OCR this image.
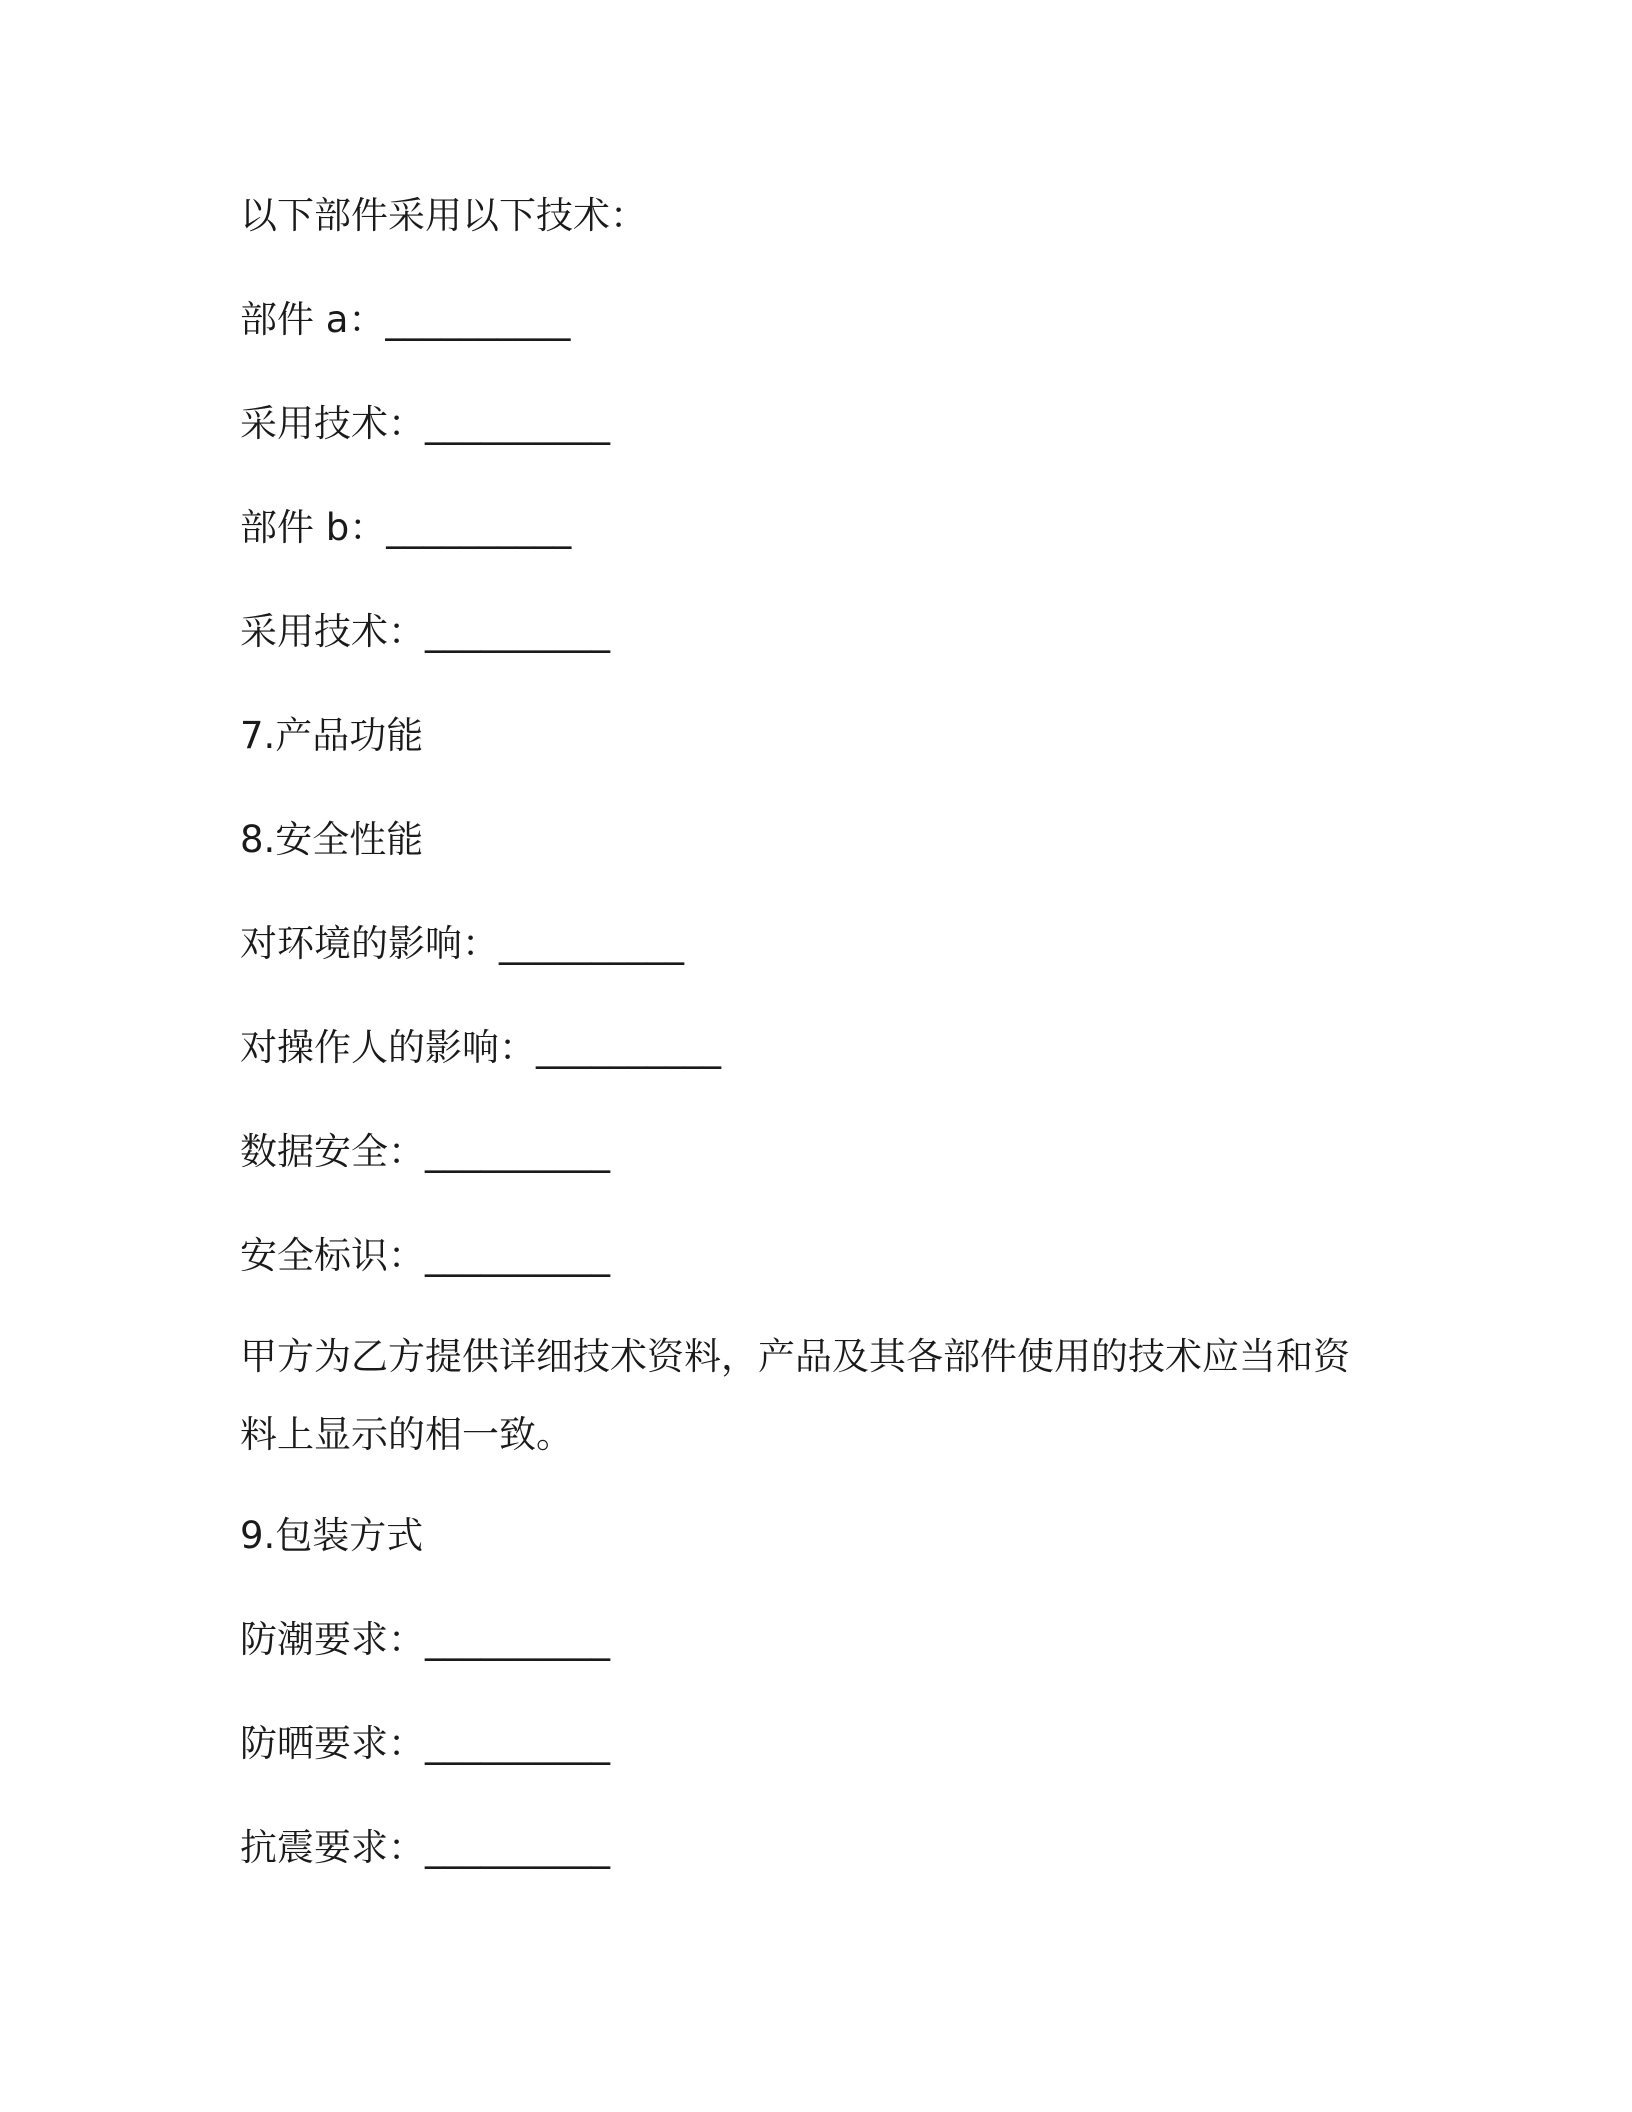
以下部件采用以下技术：
部件 a：__________
采用技术：__________
部件 b：__________
采用技术：__________
7.产品功能
8.安全性能
对环境的影响：__________
对操作人的影响：__________
数据安全：__________
安全标识：__________
甲方为乙方提供详细技术资料，产品及其各部件使用的技术应当和资料上显示的相一致。
9.包装方式
防潮要求：__________
防晒要求：__________
抗震要求：__________
